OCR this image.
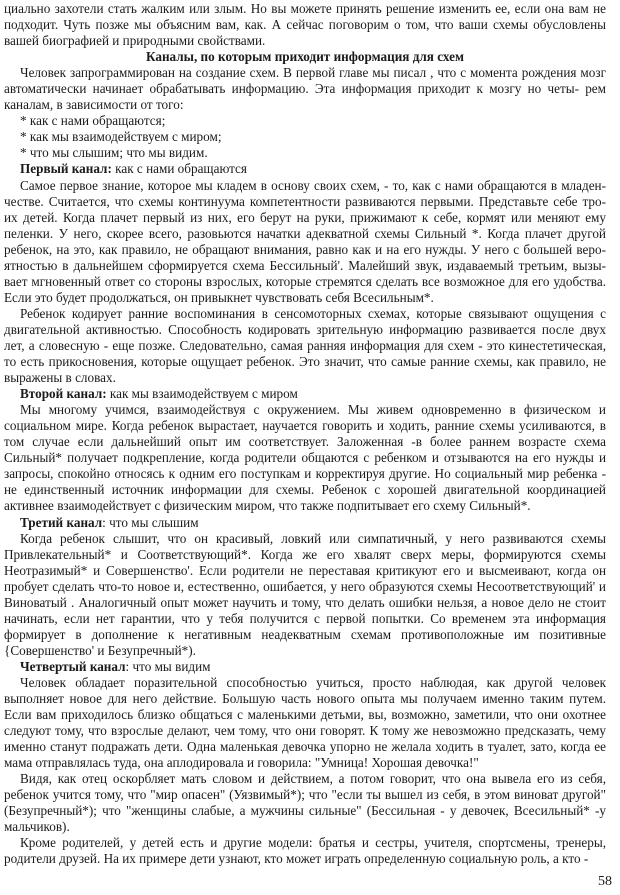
циально захотели стать жалким или злым. Но вы можете принять решение изменить ее, если она вам не подходит. Чуть позже мы объясним вам, как. А сейчас поговорим о том, что ваши схемы обусловлены вашей биографией и природными свойствами.

Каналы, по которым приходит информация для схем

Человек запрограммирован на создание схем. В первой главе мы писал , что с момента рождения мозг автоматически начинает обрабатывать информацию. Эта информация приходит к мозгу но четы- рем каналам, в зависимости от того:

* как с нами обращаются;

* как мы взаимодействуем с миром;

* что мы слышим; что мы видим.

Первый канал: как с нами обращаются

Самое первое знание, которое мы кладем в основу своих схем, - то, как с нами обращаются в младен- честве. Считается, что схемы континуума компетентности развиваются первыми. Представьте себе тро- их детей. Когда плачет первый из них, его берут на руки, прижимают к себе, кормят или меняют ему пеленки. У него, скорее всего, разовьются начатки адекватной схемы Сильный *. Когда плачет другой ребенок, на это, как правило, не обращают внимания, равно как и на его нужды. У него с большей веро- ятностью в дальнейшем сформируется схема Бессильный'. Малейший звук, издаваемый третьим, вызы- вает мгновенный ответ со стороны взрослых, которые стремятся сделать все возможное для его удобства. Если это будет продолжаться, он привыкнет чувствовать себя Всесильным*.

Ребенок кодирует ранние воспоминания в сенсомоторных схемах, которые связывают ощущения с двигательной активностью. Способность кодировать зрительную информацию развивается после двух лет, а словесную - еще позже. Следовательно, самая ранняя информация для схем - это кинестетическая, то есть прикосновения, которые ощущает ребенок. Это значит, что самые ранние схемы, как правило, не выражены в словах.

Второй канал: как мы взаимодействуем с миром

Мы многому учимся, взаимодействуя с окружением. Мы живем одновременно в физическом и социальном мире. Когда ребенок вырастает, научается говорить и ходить, ранние схемы усиливаются, в том случае если дальнейший опыт им соответствует. Заложенная -в более раннем возрасте схема Сильный* получает подкрепление, когда родители общаются с ребенком и отзываются на его нужды и запросы, спокойно относясь к одним его поступкам и корректируя другие. Но социальный мир ребенка - не единственный источник информации для схемы. Ребенок с хорошей двигательной координацией активнее взаимодействует с физическим миром, что также подпитывает его схему Сильный*.

Третий канал: что мы слышим

Когда ребенок слышит, что он красивый, ловкий или симпатичный, у него развиваются схемы Привлекательный* и Соответствующий*. Когда же его хвалят сверх меры, формируются схемы Неотразимый* и Совершенство'. Если родители не переставая критикуют его и высмеивают, когда он пробует сделать что-то новое и, естественно, ошибается, у него образуются схемы Несоответствующий' и Виноватый . Аналогичный опыт может научить и тому, что делать ошибки нельзя, а новое дело не стоит начинать, если нет гарантии, что у тебя получится с первой попытки. Со временем эта информация формирует в дополнение к негативным неадекватным схемам противоположные им позитивные {Совершенство' и Безупречный*).

Четвертый канал: что мы видим

Человек обладает поразительной способностью учиться, просто наблюдая, как другой человек выполняет новое для него действие. Большую часть нового опыта мы получаем именно таким путем. Если вам приходилось близко общаться с маленькими детьми, вы, возможно, заметили, что они охотнее следуют тому, что взрослые делают, чем тому, что они говорят. К тому же невозможно предсказать, чему именно станут подражать дети. Одна маленькая девочка упорно не желала ходить в туалет, зато, когда ее мама отправлялась туда, она аплодировала и говорила: "Умница! Хорошая девочка!"

Видя, как отец оскорбляет мать словом и действием, а потом говорит, что она вывела его из себя, ребенок учится тому, что "мир опасен" (Уязвимый*); что "если ты вышел из себя, в этом виноват другой" (Безупречный*); что "женщины слабые, а мужчины сильные" (Бессильная - у девочек, Всесильный* -у мальчиков).

Кроме родителей, у детей есть и другие модели: братья и сестры, учителя, спортсмены, тренеры, родители друзей. На их примере дети узнают, кто может играть определенную социальную роль, а кто -

58
